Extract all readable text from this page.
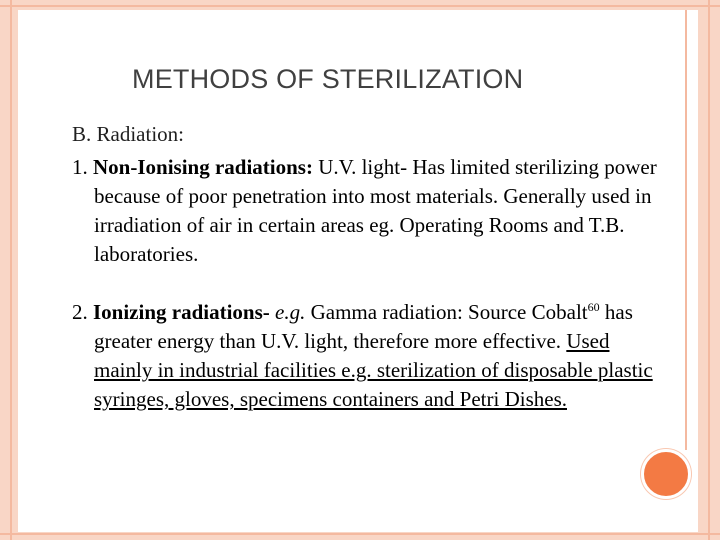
METHODS OF STERILIZATION
B. Radiation:
1. Non-Ionising radiations: U.V. light- Has limited sterilizing power because of poor penetration into most materials. Generally used in irradiation of air in certain areas eg. Operating Rooms and T.B. laboratories.
2. Ionizing radiations- e.g. Gamma radiation: Source Cobalt$^{60}$ has greater energy than U.V. light, therefore more effective. Used mainly in industrial facilities e.g. sterilization of disposable plastic syringes, gloves, specimens containers and Petri Dishes.
